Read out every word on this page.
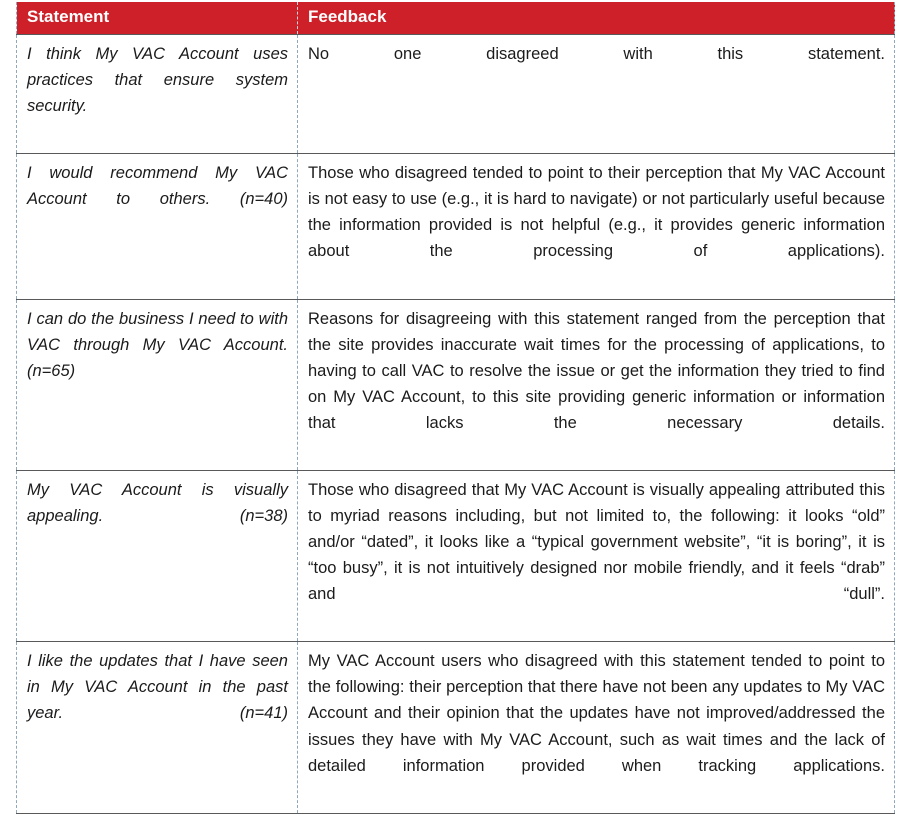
Statement	Feedback

I think My VAC Account uses practices that ensure system security.	No one disagreed with this statement.

I would recommend My VAC Account to others. (n=40)	Those who disagreed tended to point to their perception that My VAC Account is not easy to use (e.g., it is hard to navigate) or not particularly useful because the information provided is not helpful (e.g., it provides generic information about the processing of applications).

I can do the business I need to with VAC through My VAC Account. (n=65)	Reasons for disagreeing with this statement ranged from the perception that the site provides inaccurate wait times for the processing of applications, to having to call VAC to resolve the issue or get the information they tried to find on My VAC Account, to this site providing generic information or information that lacks the necessary details.

My VAC Account is visually appealing. (n=38)	Those who disagreed that My VAC Account is visually appealing attributed this to myriad reasons including, but not limited to, the following: it looks “old” and/or “dated”, it looks like a “typical government website”, “it is boring”, it is “too busy”, it is not intuitively designed nor mobile friendly, and it feels “drab” and “dull”.

I like the updates that I have seen in My VAC Account in the past year. (n=41)	My VAC Account users who disagreed with this statement tended to point to the following: their perception that there have not been any updates to My VAC Account and their opinion that the updates have not improved/addressed the issues they have with My VAC Account, such as wait times and the lack of detailed information provided when tracking applications.
